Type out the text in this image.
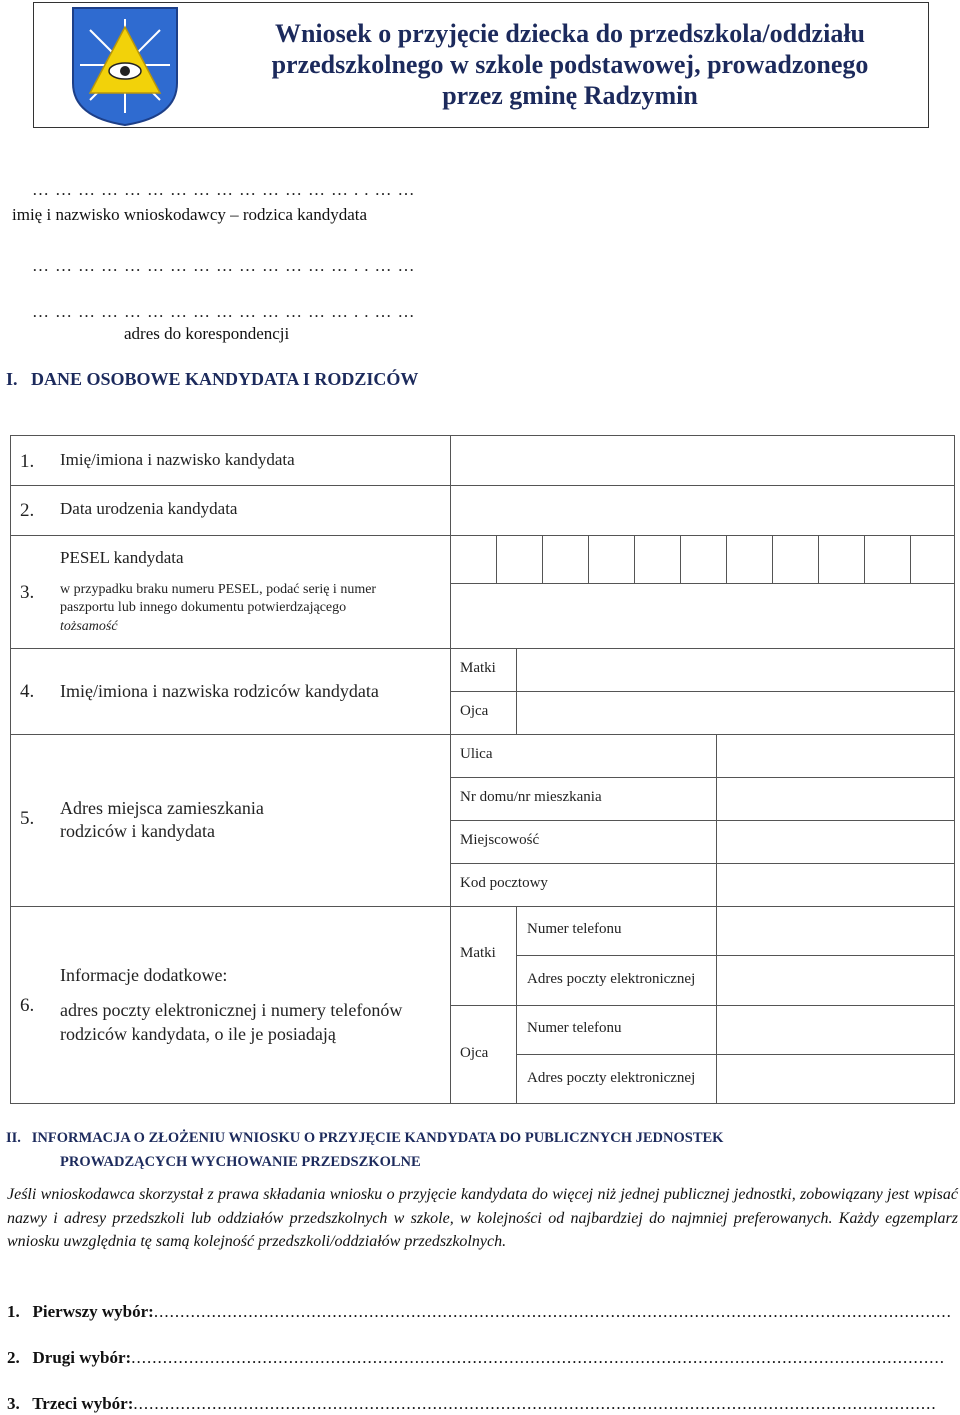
Wniosek o przyjęcie dziecka do przedszkola/oddziału
przedszkolnego w szkole podstawowej, prowadzonego
przez gminę Radzymin
……………………………………..……
imię i nazwisko wnioskodawcy – rodzica kandydata
……………………………………..……
……………………………………..……
adres do korespondencji
I.   DANE OSOBOWE KANDYDATA I RODZICÓW
1. Imię/imiona i nazwisko kandydata
2. Data urodzenia kandydata
3.
PESEL kandydata
w przypadku braku numeru PESEL, podać serię i numer
paszportu lub innego dokumentu potwierdzającego
tożsamość
4. Imię/imiona i nazwiska rodziców kandydata
Matki
Ojca
5. Adres miejsca zamieszkania
rodziców i kandydata
Ulica
Nr domu/nr mieszkania
Miejscowość
Kod pocztowy
6.
Informacje dodatkowe:
adres poczty elektronicznej i numery telefonów
rodziców kandydata, o ile je posiadają
Matki
Ojca
Numer telefonu
Adres poczty elektronicznej
Numer telefonu
Adres poczty elektronicznej
II.   INFORMACJA O ZŁOŻENIU WNIOSKU O PRZYJĘCIE KANDYDATA DO PUBLICZNYCH JEDNOSTEK
PROWADZĄCYCH WYCHOWANIE PRZEDSZKOLNE
Jeśli wnioskodawca skorzystał z prawa składania wniosku o przyjęcie kandydata do więcej niż jednej publicznej jednostki, zobowiązany jest wpisać nazwy i adresy przedszkoli lub oddziałów przedszkolnych w szkole, w kolejności od najbardziej do najmniej preferowanych. Każdy egzemplarz wniosku uwzględnia tę samą kolejność przedszkoli/oddziałów przedszkolnych.
1.   Pierwszy wybór:........................................................................................................................................................
2.   Drugi wybór:...........................................................................................................................................................
3.   Trzeci wybór:.........................................................................................................................................................
